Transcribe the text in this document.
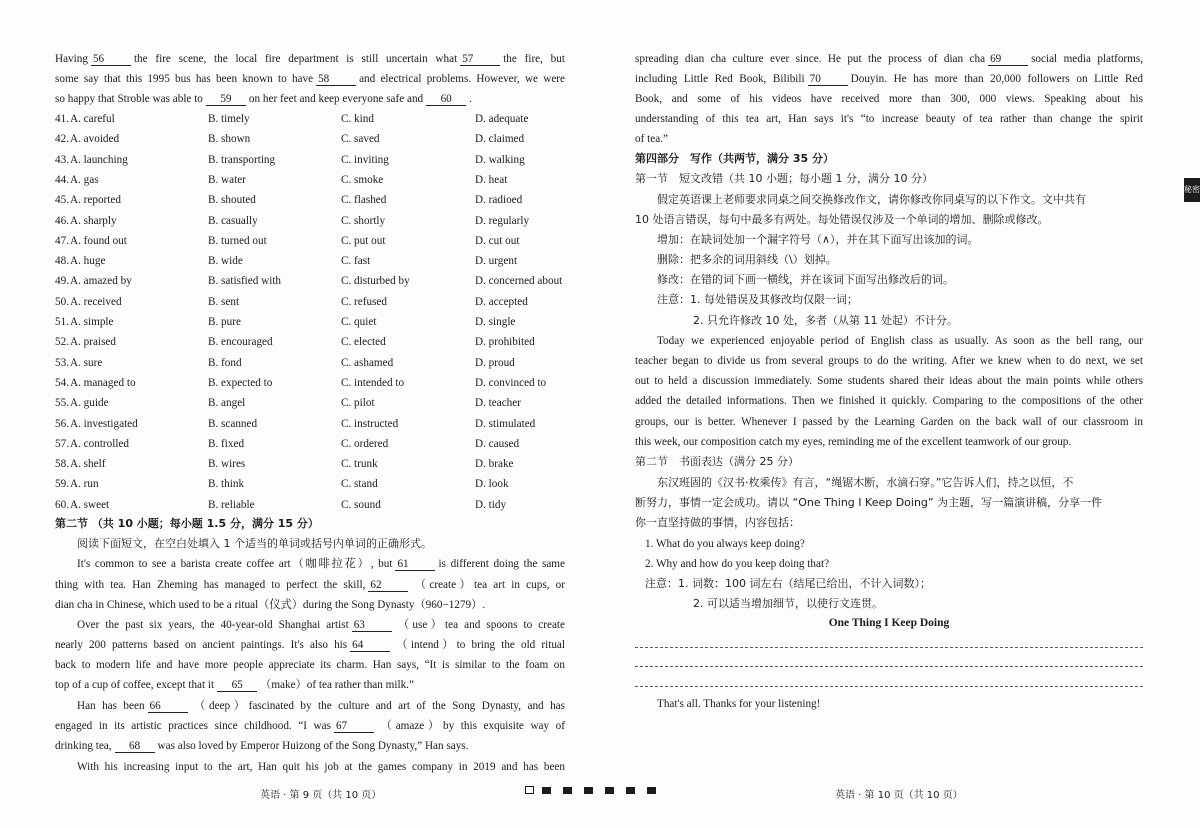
Having 56	the fire scene, the local fire department is still uncertain what 57	the fire, but
some say that this 1995 bus has been known to have 58	and electrical problems. However, we were
so happy that Stroble was able to 59 on her feet and keep everyone safe and 60 .
41. A. careful	B. timely	C. kind	D. adequate
42. A. avoided	B. shown	C. saved	D. claimed
43. A. launching	B. transporting	C. inviting	D. walking
44. A. gas	B. water	C. smoke	D. heat
45. A. reported	B. shouted	C. flashed	D. radioed
46. A. sharply	B. casually	C. shortly	D. regularly
47. A. found out	B. turned out	C. put out	D. cut out
48. A. huge	B. wide	C. fast	D. urgent
49. A. amazed by	B. satisfied with	C. disturbed by	D. concerned about
50. A. received	B. sent	C. refused	D. accepted
51. A. simple	B. pure	C. quiet	D. single
52. A. praised	B. encouraged	C. elected	D. prohibited
53. A. sure	B. fond	C. ashamed	D. proud
54. A. managed to	B. expected to	C. intended to	D. convinced to
55. A. guide	B. angel	C. pilot	D. teacher
56. A. investigated	B. scanned	C. instructed	D. stimulated
57. A. controlled	B. fixed	C. ordered	D. caused
58. A. shelf	B. wires	C. trunk	D. brake
59. A. run	B. think	C. stand	D. look
60. A. sweet	B. reliable	C. sound	D. tidy
第二节 （共 10 小题；每小题 1.5 分，满分 15 分）
阅读下面短文，在空白处填入 1 个适当的单词或括号内单词的正确形式。
It's common to see a barista create coffee art（咖啡拉花）, but 61	is different doing the same
thing with tea. Han Zheming has managed to perfect the skill, 62	（create）tea art in cups, or
dian cha in Chinese, which used to be a ritual（仪式）during the Song Dynasty（960−1279）.
Over the past six years, the 40-year-old Shanghai artist 63	（use）tea and spoons to create
nearly 200 patterns based on ancient paintings. It's also his 64	（intend）to bring the old ritual
back to modern life and have more people appreciate its charm. Han says, “It is similar to the foam on
top of a cup of coffee, except that it 65 （make）of tea rather than milk.”
Han has been 66	（deep）fascinated by the culture and art of the Song Dynasty, and has
engaged in its artistic practices since childhood. “I was 67	（amaze）by this exquisite way of
drinking tea, 68 was also loved by Emperor Huizong of the Song Dynasty,” Han says.
With his increasing input to the art, Han quit his job at the games company in 2019 and has been
英语 · 第 9 页（共 10 页）
spreading dian cha culture ever since. He put the process of dian cha 69	social media platforms,
including Little Red Book, Bilibili 70	Douyin. He has more than 20,000 followers on Little Red
Book, and some of his videos have received more than 300, 000 views. Speaking about his
understanding of this tea art, Han says it's “to increase beauty of tea rather than change the spirit
of tea.”
第四部分　写作（共两节，满分 35 分）
第一节　短文改错（共 10 小题；每小题 1 分，满分 10 分）
假定英语课上老师要求同桌之间交换修改作文，请你修改你同桌写的以下作文。文中共有
10 处语言错误，每句中最多有两处。每处错误仅涉及一个单词的增加、删除或修改。
增加：在缺词处加一个漏字符号（∧），并在其下面写出该加的词。
删除：把多余的词用斜线（\）划掉。
修改：在错的词下画一横线，并在该词下面写出修改后的词。
注意：1. 每处错误及其修改均仅限一词；
2. 只允许修改 10 处，多者（从第 11 处起）不计分。
Today we experienced enjoyable period of English class as usually. As soon as the bell rang, our
teacher began to divide us from several groups to do the writing. After we knew when to do next, we set
out to held a discussion immediately. Some students shared their ideas about the main points while others
added the detailed informations. Then we finished it quickly. Comparing to the compositions of the other
groups, our is better. Whenever I passed by the Learning Garden on the back wall of our classroom in
this week, our composition catch my eyes, reminding me of the excellent teamwork of our group.
第二节　书面表达（满分 25 分）
东汉班固的《汉书·枚乘传》有言，“绳锯木断，水滴石穿。”它告诉人们，持之以恒，不
断努力，事情一定会成功。请以 “One Thing I Keep Doing” 为主题，写一篇演讲稿，分享一件
你一直坚持做的事情，内容包括：
1. What do you always keep doing?
2. Why and how do you keep doing that?
注意：1. 词数：100 词左右（结尾已给出，不计入词数）；
2. 可以适当增加细节，以使行文连贯。
One Thing I Keep Doing
That's all. Thanks for your listening!
英语 · 第 10 页（共 10 页）
秘密
